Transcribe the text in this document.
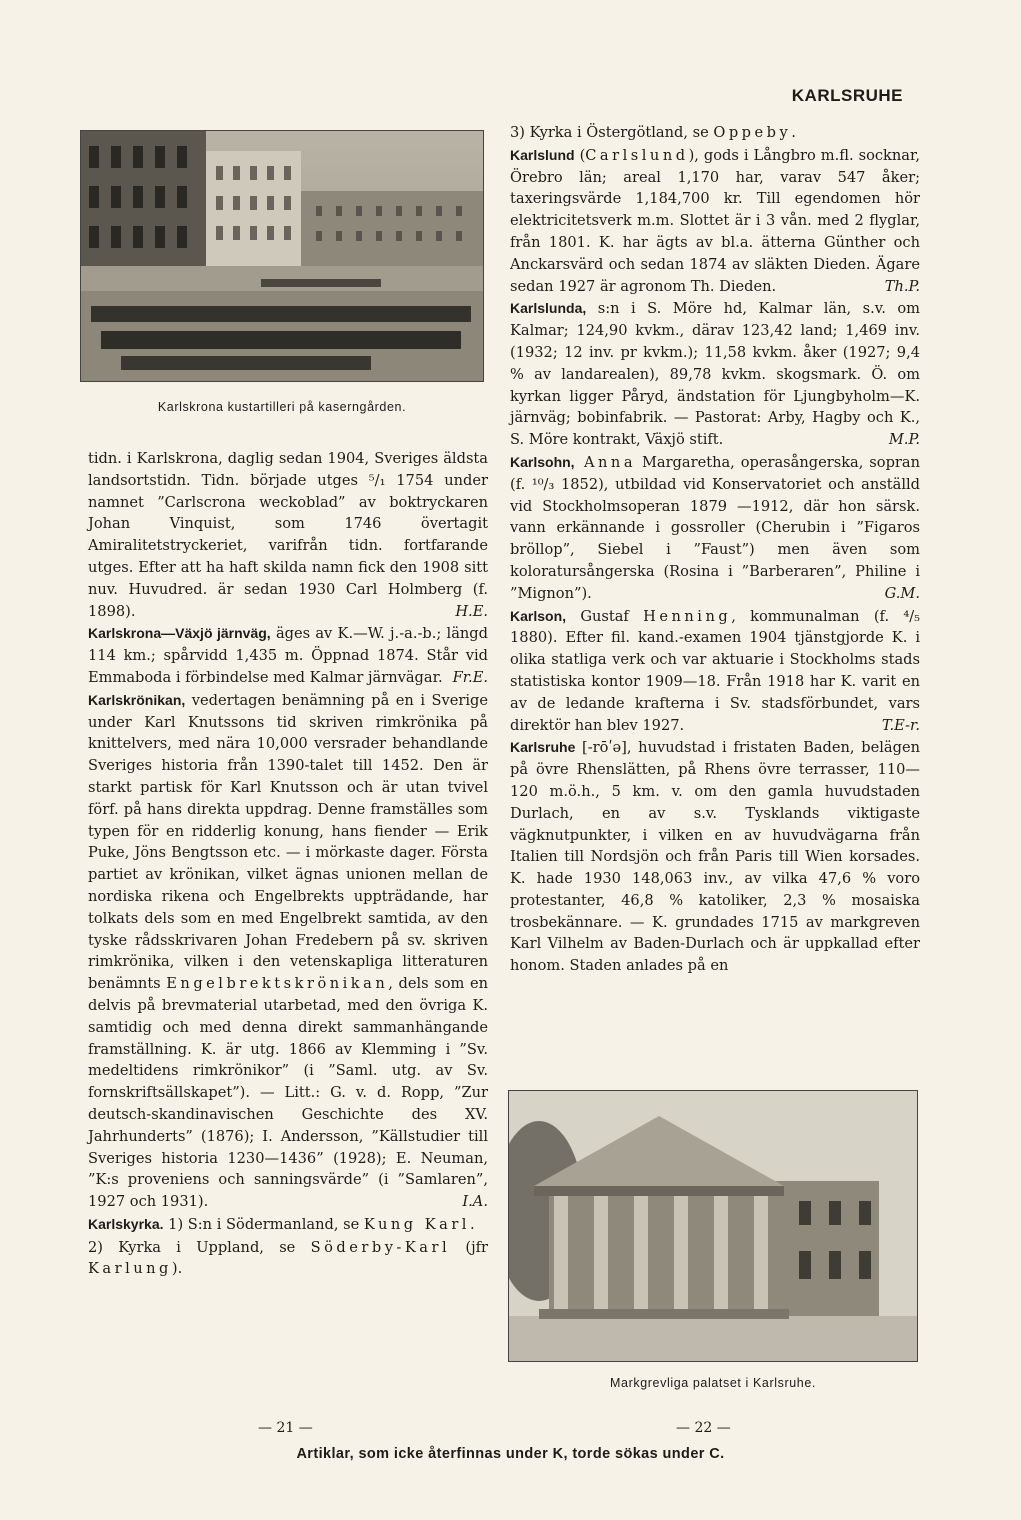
KARLSRUHE
Karlskrona kustartilleri på kaserngården.

tidn. i Karlskrona, daglig sedan 1904, Sveriges äldsta landsortstidn. Tidn. började utges ⁵/₁ 1754 under namnet ”Carlscrona weckoblad” av boktryckaren Johan Vinquist, som 1746 övertagit Amiralitetstryckeriet, varifrån tidn. fortfarande utges. Efter att ha haft skilda namn fick den 1908 sitt nuv. Huvudred. är sedan 1930 Carl Holmberg (f. 1898).	H.E.

Karlskrona—Växjö järnväg, äges av K.—W. j.-a.-b.; längd 114 km.; spårvidd 1,435 m. Öppnad 1874. Står vid Emmaboda i förbindelse med Kalmar järnvägar. Fr.E.

Karlskrönikan, vedertagen benämning på en i Sverige under Karl Knutssons tid skriven rimkrönika på knittelvers, med nära 10,000 versrader behandlande Sveriges historia från 1390-talet till 1452. Den är starkt partisk för Karl Knutsson och är utan tvivel förf. på hans direkta uppdrag. Denne framställes som typen för en ridderlig konung, hans fiender — Erik Puke, Jöns Bengtsson etc. — i mörkaste dager. Första partiet av krönikan, vilket ägnas unionen mellan de nordiska rikena och Engelbrekts uppträdande, har tolkats dels som en med Engelbrekt samtida, av den tyske rådsskrivaren Johan Fredebern på sv. skriven rimkrönika, vilken i den vetenskapliga litteraturen benämnts Engelbrektskrönikan, dels som en delvis på brevmaterial utarbetad, med den övriga K. samtidig och med denna direkt sammanhängande framställning. K. är utg. 1866 av Klemming i ”Sv. medeltidens rimkrönikor” (i ”Saml. utg. av Sv. fornskriftsällskapet”). — Litt.: G. v. d. Ropp, ”Zur deutsch-skandinavischen Geschichte des XV. Jahrhunderts” (1876); I. Andersson, ”Källstudier till Sveriges historia 1230—1436” (1928); E. Neuman, ”K:s proveniens och sanningsvärde” (i ”Samlaren”, 1927 och 1931).	I.A.

Karlskyrka. 1) S:n i Södermanland, se Kung Karl.

2) Kyrka i Uppland, se Söderby-Karl (jfr Karlung).

3) Kyrka i Östergötland, se Oppeby.

Karlslund (Carlslund), gods i Långbro m.fl. socknar, Örebro län; areal 1,170 har, varav 547 åker; taxeringsvärde 1,184,700 kr. Till egendomen hör elektricitetsverk m.m. Slottet är i 3 vån. med 2 flyglar, från 1801. K. har ägts av bl.a. ätterna Günther och Anckarsvärd och sedan 1874 av släkten Dieden. Ägare sedan 1927 är agronom Th. Dieden.	Th.P.

Karlslunda, s:n i S. Möre hd, Kalmar län, s.v. om Kalmar; 124,90 kvkm., därav 123,42 land; 1,469 inv. (1932; 12 inv. pr kvkm.); 11,58 kvkm. åker (1927; 9,4 % av landarealen), 89,78 kvkm. skogsmark. Ö. om kyrkan ligger Påryd, ändstation för Ljungbyholm—K. järnväg; bobinfabrik. — Pastorat: Arby, Hagby och K., S. Möre kontrakt, Växjö stift.	M.P.

Karlsohn, Anna Margaretha, operasångerska, sopran (f. ¹⁰/₃ 1852), utbildad vid Konservatoriet och anställd vid Stockholmsoperan 1879 —1912, där hon särsk. vann erkännande i gossroller (Cherubin i ”Figaros bröllop”, Siebel i ”Faust”) men även som koloratursångerska (Rosina i ”Barberaren”, Philine i ”Mignon”).	G.M.

Karlson, Gustaf Henning, kommunalman (f. ⁴/₅ 1880). Efter fil. kand.-examen 1904 tjänstgjorde K. i olika statliga verk och var aktuarie i Stockholms stads statistiska kontor 1909—18. Från 1918 har K. varit en av de ledande krafterna i Sv. stadsförbundet, vars direktör han blev 1927.	T.E-r.

Karlsruhe [-rōʹə], huvudstad i fristaten Baden, belägen på övre Rhenslätten, på Rhens övre terrasser, 110—120 m.ö.h., 5 km. v. om den gamla huvudstaden Durlach, en av s.v. Tysklands viktigaste vägknutpunkter, i vilken en av huvudvägarna från Italien till Nordsjön och från Paris till Wien korsades. K. hade 1930 148,063 inv., av vilka 47,6 % voro protestanter, 46,8 % katoliker, 2,3 % mosaiska trosbekännare. — K. grundades 1715 av markgreven Karl Vilhelm av Baden-Durlach och är uppkallad efter honom. Staden anlades på en

Markgrevliga palatset i Karlsruhe.
— 21 —	— 22 —
Artiklar, som icke återfinnas under K, torde sökas under C.
